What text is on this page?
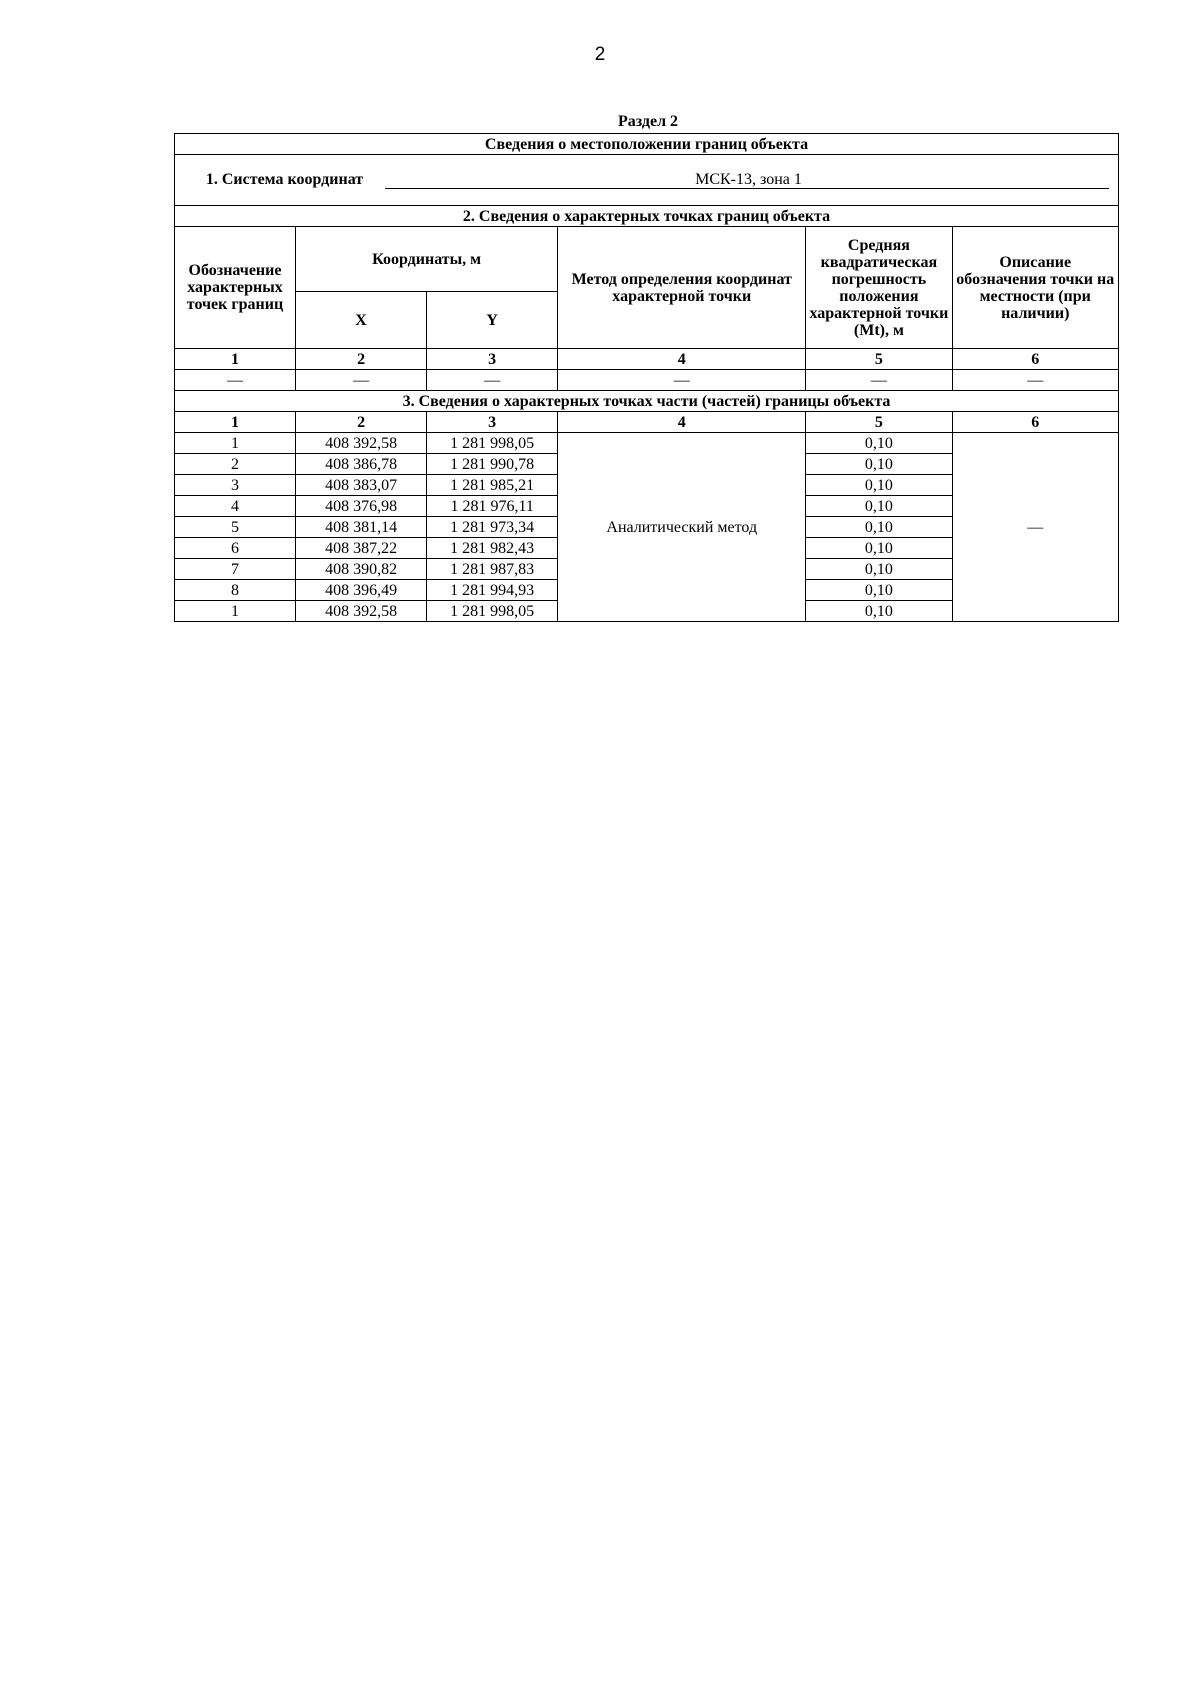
2
Раздел 2
Сведения о местоположении границ объекта					
1. Система координат МСК-13, зона 1					
2. Сведения о характерных точках границ объекта					
Обозначение характерных точек границ	Координаты, м		Метод определения координат характерной точки	Средняя квадратическая погрешность положения характерной точки (Mt), м	Описание обозначения точки на местности (при наличии)
	X	Y			
1	2	3	4	5	6
—	—	—	—	—	—
3. Сведения о характерных точках части (частей) границы объекта					
1	2	3	4	5	6
1	408 392,58	1 281 998,05	Аналитический метод	0,10	—
2	408 386,78	1 281 990,78		0,10	
3	408 383,07	1 281 985,21		0,10	
4	408 376,98	1 281 976,11		0,10	
5	408 381,14	1 281 973,34		0,10	
6	408 387,22	1 281 982,43		0,10	
7	408 390,82	1 281 987,83		0,10	
8	408 396,49	1 281 994,93		0,10	
1	408 392,58	1 281 998,05		0,10	
